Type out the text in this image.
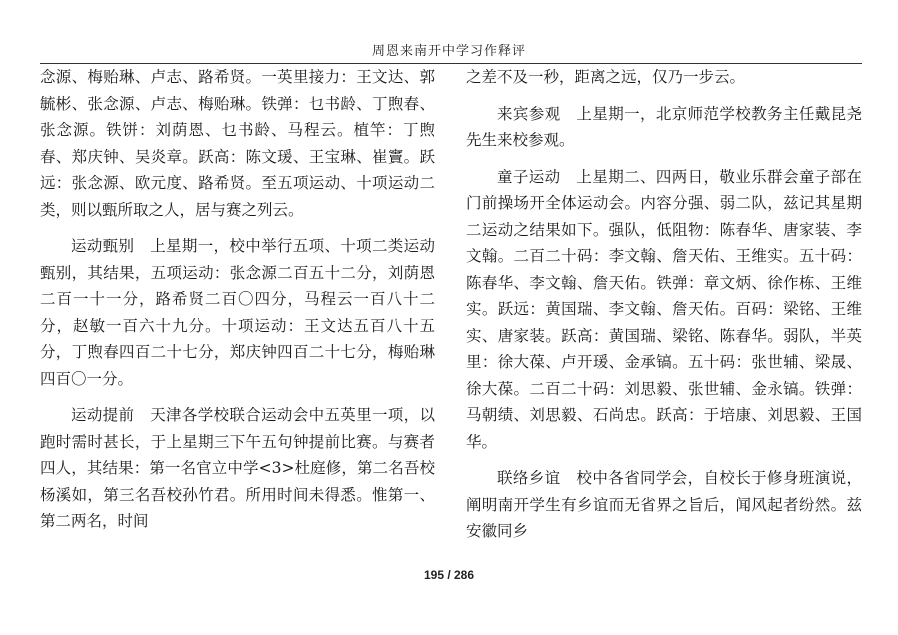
周恩来南开中学习作释评

念源、梅贻琳、卢志、路希贤。一英里接力：王文达、郭毓彬、张念源、卢志、梅贻琳。铁弹：乜书龄、丁煦春、张念源。铁饼：刘荫恩、乜书龄、马程云。植竿：丁煦春、郑庆钟、吴炎章。跃高：陈文瑗、王宝琳、崔竇。跃远：张念源、欧元度、路希贤。至五项运动、十项运动二类，则以甄所取之人，居与赛之列云。

运动甄别　上星期一，校中举行五项、十项二类运动甄别，其结果，五项运动：张念源二百五十二分，刘荫恩二百一十一分，路希贤二百〇四分，马程云一百八十二分，赵敏一百六十九分。十项运动：王文达五百八十五分，丁煦春四百二十七分，郑庆钟四百二十七分，梅贻琳四百〇一分。

运动提前　天津各学校联合运动会中五英里一项，以跑时需时甚长，于上星期三下午五句钟提前比赛。与赛者四人，其结果：第一名官立中学<3>杜庭修，第二名吾校杨溪如，第三名吾校孙竹君。所用时间未得悉。惟第一、第二两名，时间

之差不及一秒，距离之远，仅乃一步云。

来宾参观　上星期一，北京师范学校教务主任戴昆尧先生来校参观。

童子运动　上星期二、四两日，敬业乐群会童子部在门前操场开全体运动会。内容分强、弱二队，兹记其星期二运动之结果如下。强队，低阻物：陈春华、唐家装、李文翰。二百二十码：李文翰、詹天佑、王维实。五十码：陈春华、李文翰、詹天佑。铁弹：章文炳、徐作栋、王维实。跃远：黄国瑞、李文翰、詹天佑。百码：梁铭、王维实、唐家装。跃高：黄国瑞、梁铭、陈春华。弱队，半英里：徐大葆、卢开瑗、金承镐。五十码：张世辅、梁晟、徐大葆。二百二十码：刘思毅、张世辅、金永镐。铁弹：马朝绩、刘思毅、石尚忠。跃高：于培康、刘思毅、王国华。

联络乡谊　校中各省同学会，自校长于修身班演说，阐明南开学生有乡谊而无省界之旨后，闻风起者纷然。兹安徽同乡

195 / 286
